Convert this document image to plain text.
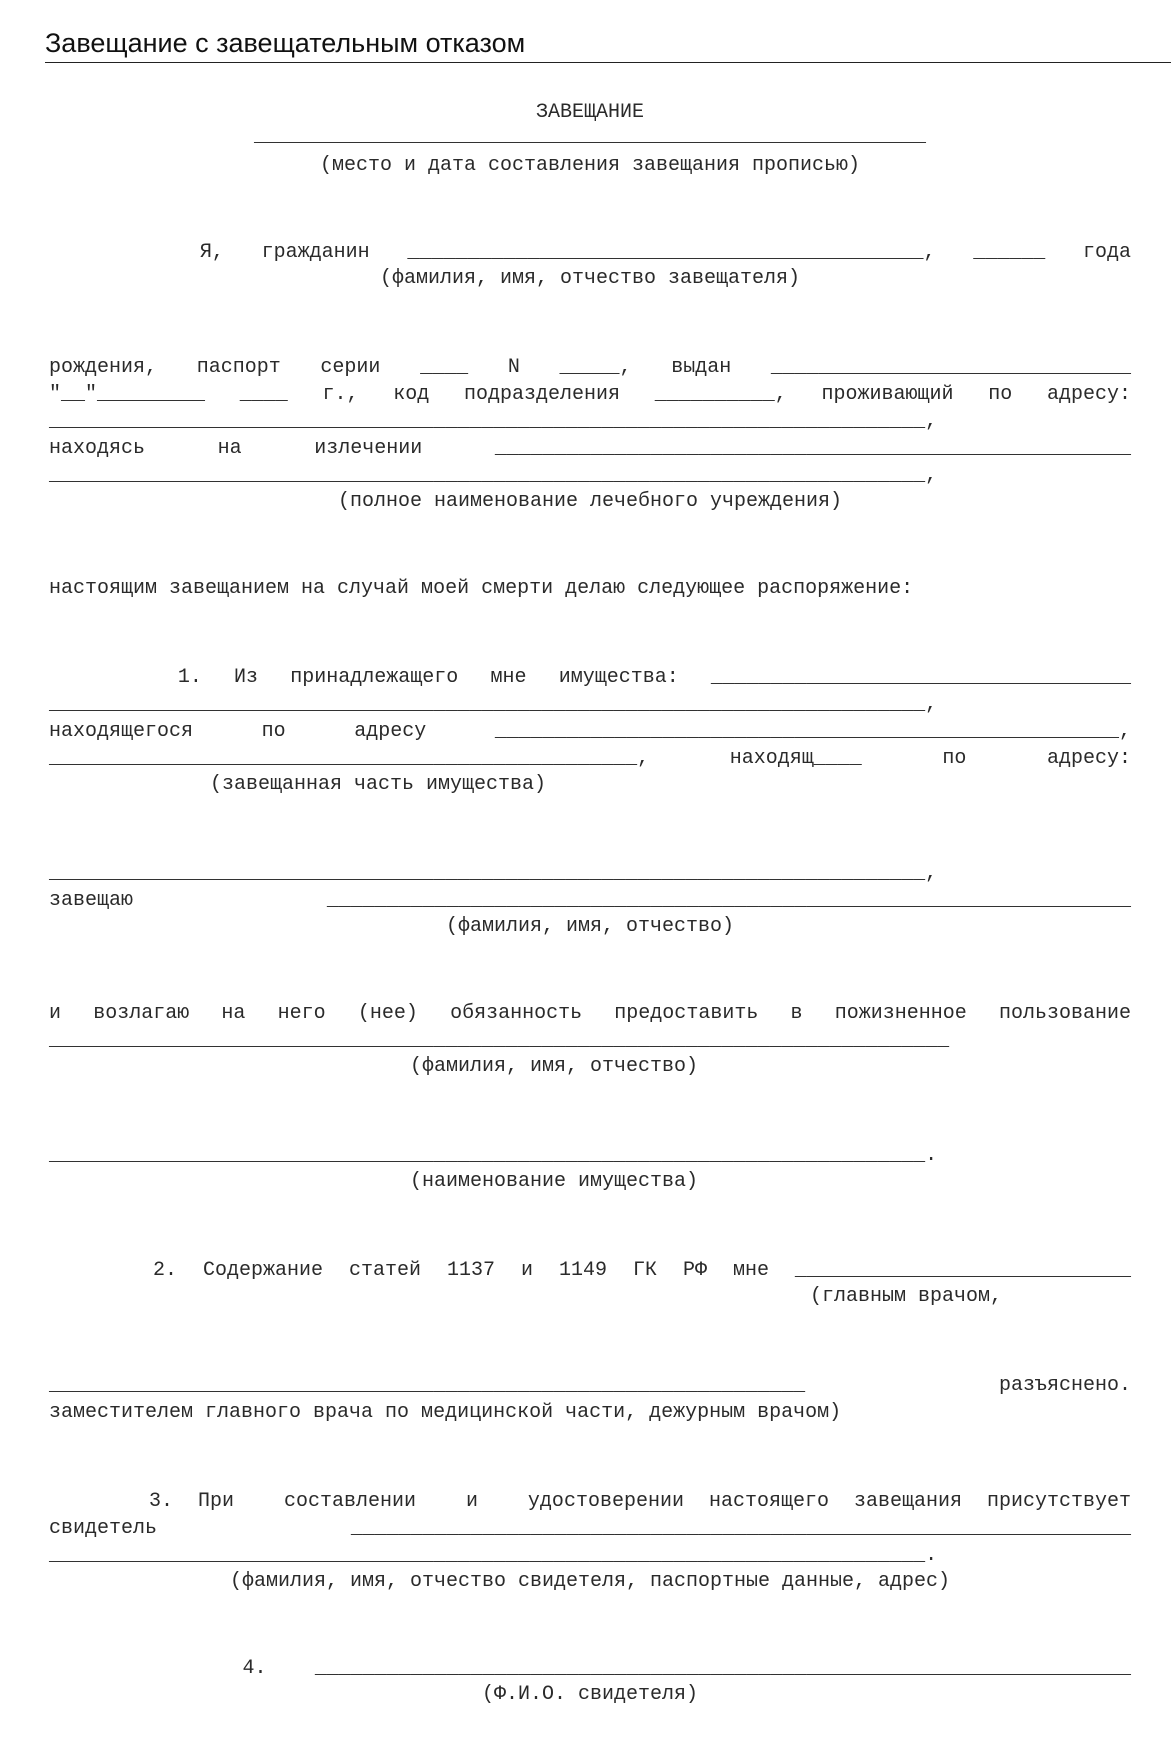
Завещание с завещательным отказом
ЗАВЕЩАНИЕ
________________________________________________________
(место и дата составления завещания прописью)
Я, гражданин ___________________________________________, ______ года
(фамилия, имя, отчество завещателя)
рождения, паспорт серии ____ N _____, выдан ______________________________
"__"_________ ____ г., код подразделения __________, проживающий по адресу:
_________________________________________________________________________,
находясь на излечении _____________________________________________________
_________________________________________________________________________,
(полное наименование лечебного учреждения)
настоящим завещанием на случай моей смерти делаю следующее распоряжение:
1. Из принадлежащего мне имущества: ___________________________________
_________________________________________________________________________,
находящегося по адресу ____________________________________________________,
_________________________________________________, находящ____ по адресу:
(завещанная часть имущества)
_________________________________________________________________________,
завещаю ___________________________________________________________________
(фамилия, имя, отчество)
и возлагаю на него (нее) обязанность предоставить в пожизненное пользование
___________________________________________________________________________
(фамилия, имя, отчество)
_________________________________________________________________________.
(наименование имущества)
2. Содержание статей 1137 и 1149 ГК РФ мне ____________________________
(главным врачом,
_______________________________________________________________ разъяснено.
заместителем главного врача по медицинской части, дежурным врачом)
3. При  составлении  и  удостоверении настоящего завещания присутствует
свидетель _________________________________________________________________
_________________________________________________________________________.
(фамилия, имя, отчество свидетеля, паспортные данные, адрес)
4. ____________________________________________________________________
(Ф.И.О. свидетеля)
